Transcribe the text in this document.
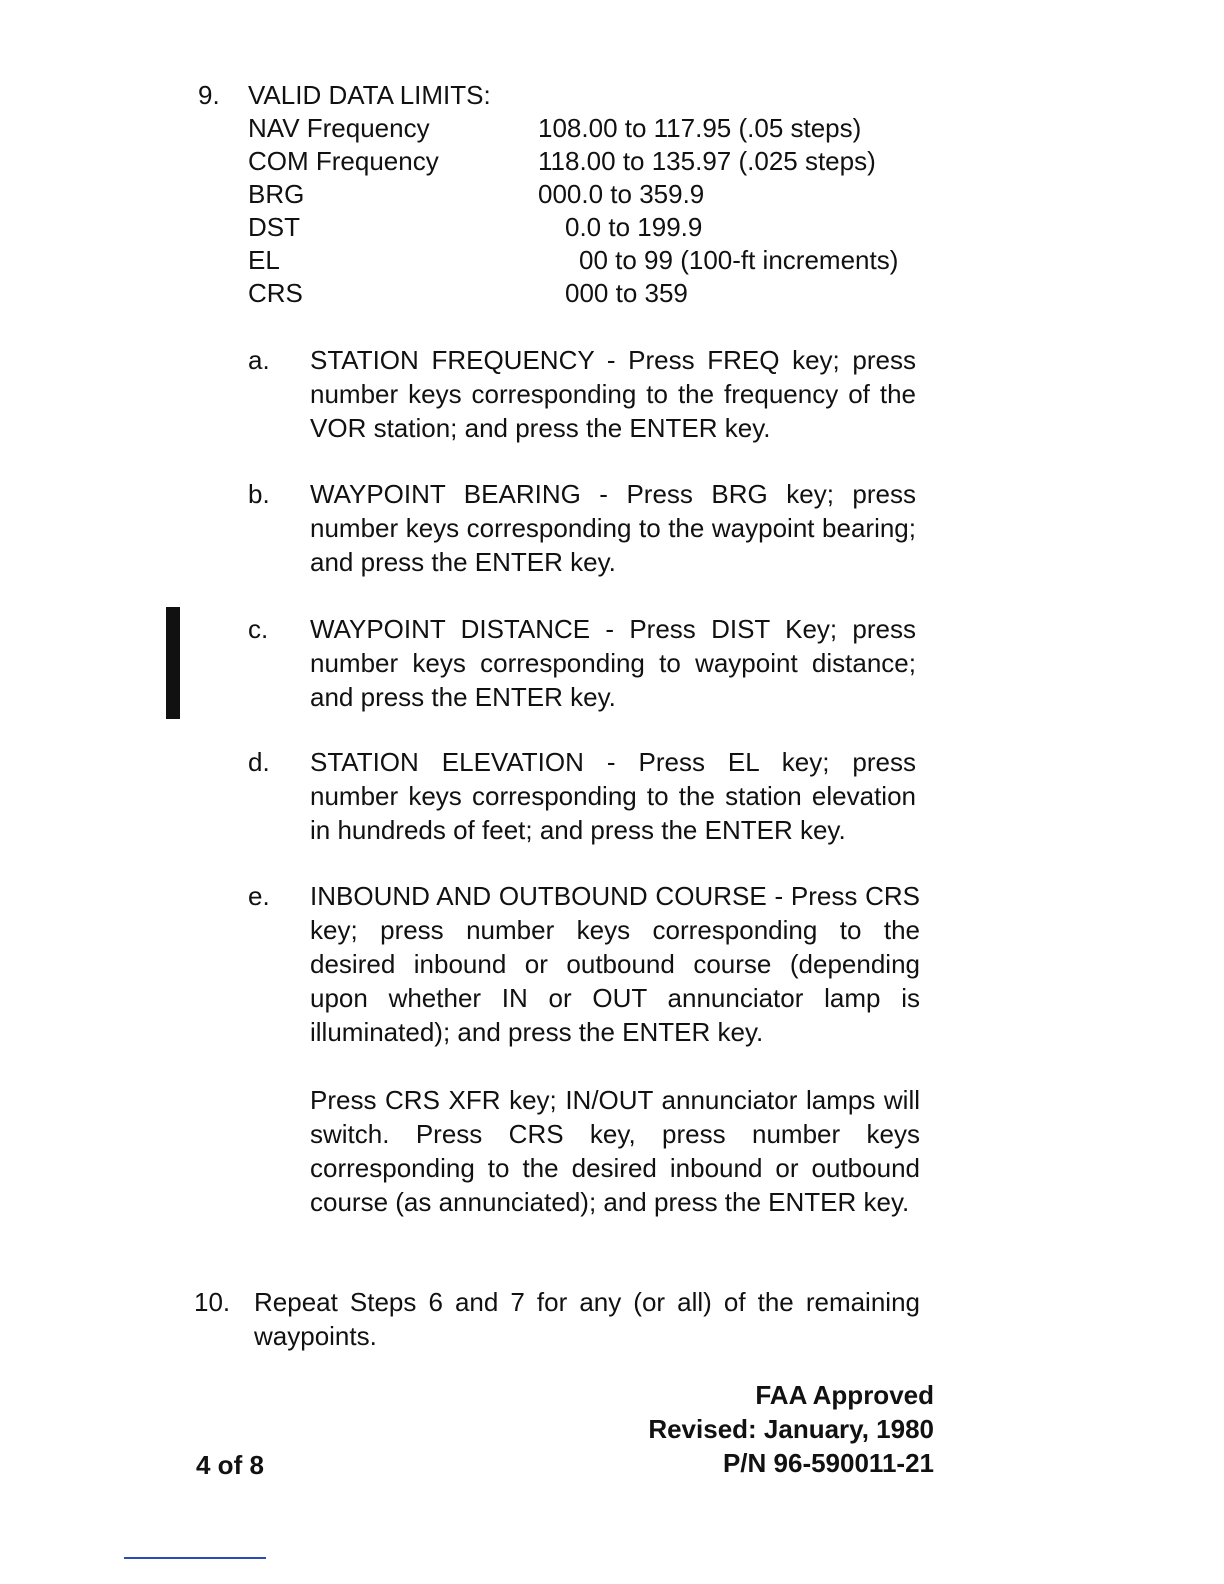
9. VALID DATA LIMITS:
NAV Frequency	108.00 to 117.95 (.05 steps)
COM Frequency	118.00 to 135.97 (.025 steps)
BRG	000.0 to 359.9
DST	0.0 to 199.9
EL	00 to 99 (100-ft increments)
CRS	000 to 359
a. STATION FREQUENCY - Press FREQ key; press number keys corresponding to the frequency of the VOR station; and press the ENTER key.
b. WAYPOINT BEARING - Press BRG key; press number keys corresponding to the waypoint bearing; and press the ENTER key.
c. WAYPOINT DISTANCE - Press DIST Key; press number keys corresponding to waypoint distance; and press the ENTER key.
d. STATION ELEVATION - Press EL key; press number keys corresponding to the station elevation in hundreds of feet; and press the ENTER key.
e. INBOUND AND OUTBOUND COURSE - Press CRS key; press number keys corresponding to the desired inbound or outbound course (depending upon whether IN or OUT annunciator lamp is illuminated); and press the ENTER key.
Press CRS XFR key; IN/OUT annunciator lamps will switch. Press CRS key, press number keys corresponding to the desired inbound or outbound course (as annunciated); and press the ENTER key.
10. Repeat Steps 6 and 7 for any (or all) of the remaining waypoints.
FAA Approved
Revised: January, 1980
P/N 96-590011-21
4 of 8
